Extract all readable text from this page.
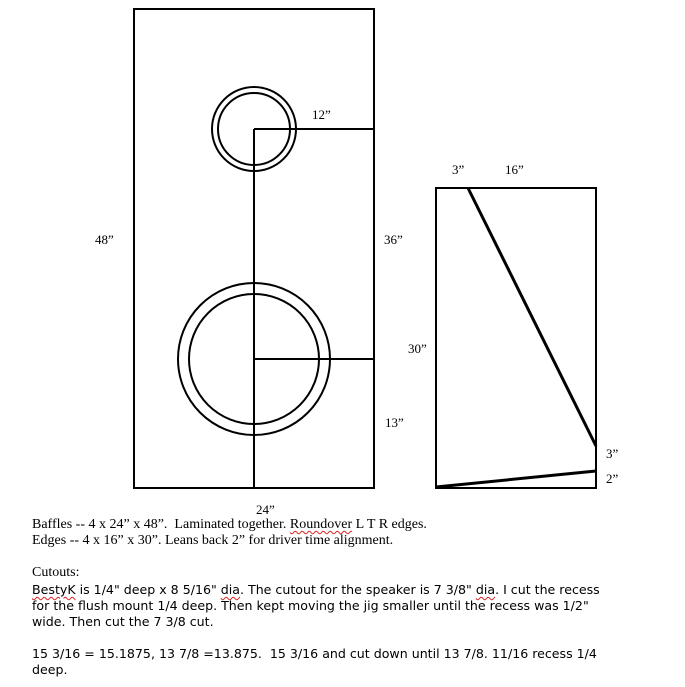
12”
48”	36”
13”
24”
3”	16”
30”
3”
2”
Baffles -- 4 x 24” x 48”.  Laminated together. Roundover L T R edges.
Edges -- 4 x 16” x 30”. Leans back 2” for driver time alignment.
Cutouts:
BestyK is 1/4" deep x 8 5/16" dia. The cutout for the speaker is 7 3/8" dia. I cut the recess
for the flush mount 1/4 deep. Then kept moving the jig smaller until the recess was 1/2"
wide. Then cut the 7 3/8 cut.
15 3/16 = 15.1875, 13 7/8 =13.875.  15 3/16 and cut down until 13 7/8. 11/16 recess 1/4
deep.
